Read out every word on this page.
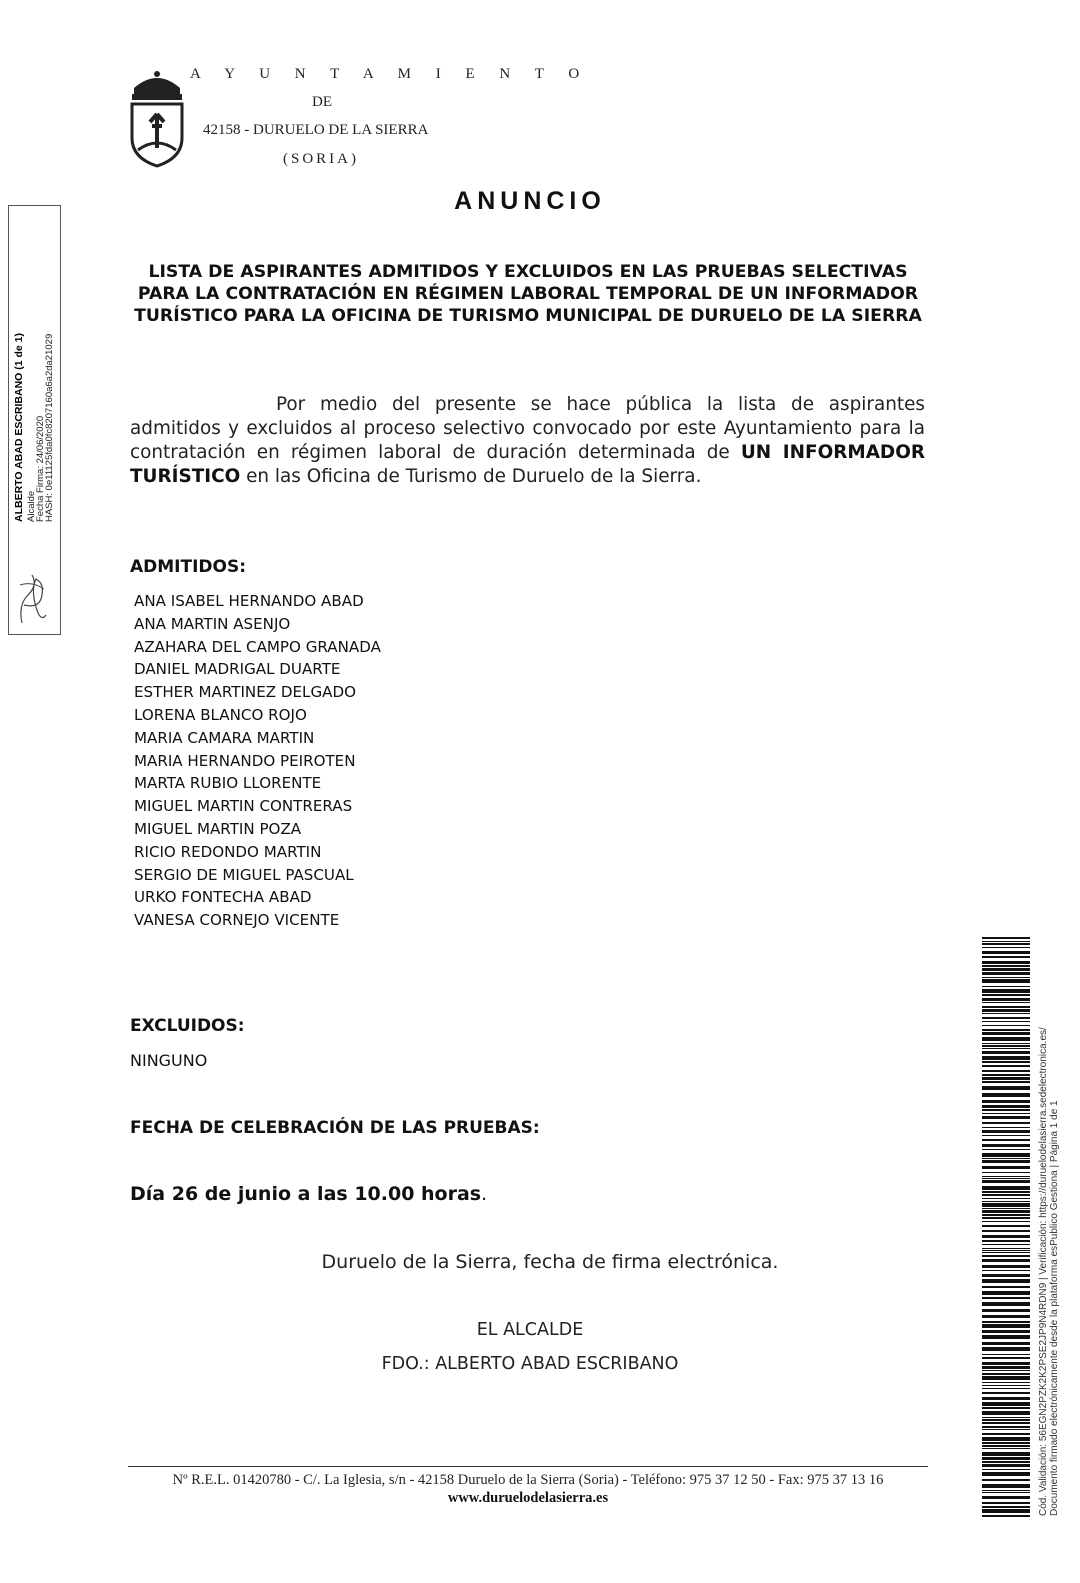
A Y U N T A M I E N T O
DE
42158 - DURUELO DE LA SIERRA
(SORIA)
ANUNCIO
LISTA DE ASPIRANTES ADMITIDOS Y EXCLUIDOS EN LAS PRUEBAS SELECTIVAS PARA LA CONTRATACIÓN EN RÉGIMEN LABORAL TEMPORAL DE UN INFORMADOR TURÍSTICO PARA LA OFICINA DE TURISMO MUNICIPAL DE DURUELO DE LA SIERRA

Por medio del presente se hace pública la lista de aspirantes admitidos y excluidos al proceso selectivo convocado por este Ayuntamiento para la contratación en régimen laboral de duración determinada de UN INFORMADOR TURÍSTICO en las Oficina de Turismo de Duruelo de la Sierra.

ADMITIDOS:
ANA ISABEL HERNANDO ABAD
ANA MARTIN ASENJO
AZAHARA DEL CAMPO GRANADA
DANIEL MADRIGAL DUARTE
ESTHER MARTINEZ DELGADO
LORENA BLANCO ROJO
MARIA CAMARA MARTIN
MARIA HERNANDO PEIROTEN
MARTA RUBIO LLORENTE
MIGUEL MARTIN CONTRERAS
MIGUEL MARTIN POZA
RICIO REDONDO MARTIN
SERGIO DE MIGUEL PASCUAL
URKO FONTECHA ABAD
VANESA CORNEJO VICENTE
EXCLUIDOS:
NINGUNO
FECHA DE CELEBRACIÓN DE LAS PRUEBAS:
Día 26 de junio a las 10.00 horas.
Duruelo de la Sierra, fecha de firma electrónica.
EL ALCALDE
FDO.: ALBERTO ABAD ESCRIBANO
Nº R.E.L. 01420780 - C/. La Iglesia, s/n - 42158 Duruelo de la Sierra (Soria) - Teléfono: 975 37 12 50 - Fax: 975 37 13 16
www.duruelodelasierra.es
ALBERTO ABAD ESCRIBANO (1 de 1) Alcalde
Fecha Firma: 24/06/2020
HASH: 0e11125fda0fc8207160a6a2da21029
Cód. Validación: 56EGN2PZK2K2PSE2JP9N4RDN9 | Verificación: https://duruelodelasierra.sedelectronica.es/ Documento firmado electrónicamente desde la plataforma esPublico Gestiona | Página 1 de 1
